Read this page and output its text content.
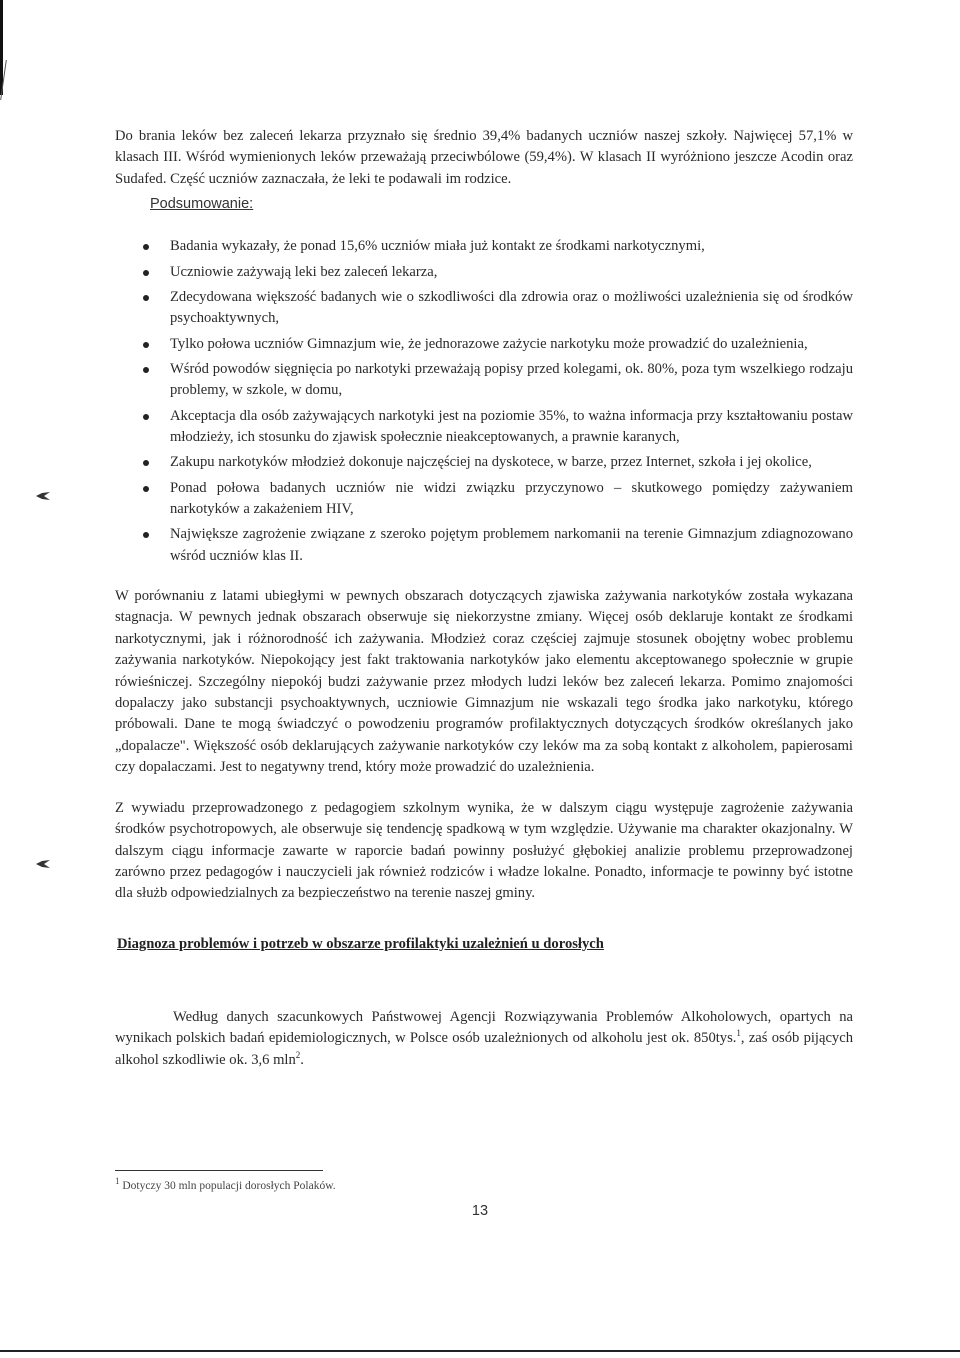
Do brania leków bez zaleceń lekarza przyznało się średnio 39,4% badanych uczniów naszej szkoły. Najwięcej 57,1% w klasach III. Wśród wymienionych leków przeważają przeciwbólowe (59,4%). W klasach II wyróżniono jeszcze Acodin oraz Sudafed. Część uczniów zaznaczała, że leki te podawali im rodzice.

Podsumowanie:
Badania wykazały, że ponad 15,6% uczniów miała już kontakt ze środkami narkotycznymi,
Uczniowie zażywają leki bez zaleceń lekarza,
Zdecydowana większość badanych wie o szkodliwości dla zdrowia oraz o możliwości uzależnienia się od środków psychoaktywnych,
Tylko połowa uczniów Gimnazjum wie, że jednorazowe zażycie narkotyku może prowadzić do uzależnienia,
Wśród powodów sięgnięcia po narkotyki przeważają popisy przed kolegami, ok. 80%, poza tym wszelkiego rodzaju problemy, w szkole, w domu,
Akceptacja dla osób zażywających narkotyki jest na poziomie 35%, to ważna informacja przy kształtowaniu postaw młodzieży, ich stosunku do zjawisk społecznie nieakceptowanych, a prawnie karanych,
Zakupu narkotyków młodzież dokonuje najczęściej na dyskotece, w barze, przez Internet, szkoła i jej okolice,
Ponad połowa badanych uczniów nie widzi związku przyczynowo – skutkowego pomiędzy zażywaniem narkotyków a zakażeniem HIV,
Największe zagrożenie związane z szeroko pojętym problemem narkomanii na terenie Gimnazjum zdiagnozowano wśród uczniów klas II.

W porównaniu z latami ubiegłymi w pewnych obszarach dotyczących zjawiska zażywania narkotyków została wykazana stagnacja. W pewnych jednak obszarach obserwuje się niekorzystne zmiany. Więcej osób deklaruje kontakt ze środkami narkotycznymi, jak i różnorodność ich zażywania. Młodzież coraz częściej zajmuje stosunek obojętny wobec problemu zażywania narkotyków. Niepokojący jest fakt traktowania narkotyków jako elementu akceptowanego społecznie w grupie rówieśniczej. Szczególny niepokój budzi zażywanie przez młodych ludzi leków bez zaleceń lekarza. Pomimo znajomości dopalaczy jako substancji psychoaktywnych, uczniowie Gimnazjum nie wskazali tego środka jako narkotyku, którego próbowali. Dane te mogą świadczyć o powodzeniu programów profilaktycznych dotyczących środków określanych jako „dopalacze". Większość osób deklarujących zażywanie narkotyków czy leków ma za sobą kontakt z alkoholem, papierosami czy dopalaczami. Jest to negatywny trend, który może prowadzić do uzależnienia.

Z wywiadu przeprowadzonego z pedagogiem szkolnym wynika, że w dalszym ciągu występuje zagrożenie zażywania środków psychotropowych, ale obserwuje się tendencję spadkową w tym względzie. Używanie ma charakter okazjonalny. W dalszym ciągu informacje zawarte w raporcie badań powinny posłużyć głębokiej analizie problemu przeprowadzonej zarówno przez pedagogów i nauczycieli jak również rodziców i władze lokalne. Ponadto, informacje te powinny być istotne dla służb odpowiedzialnych za bezpieczeństwo na terenie naszej gminy.

Diagnoza problemów i potrzeb w obszarze profilaktyki uzależnień u dorosłych

Według danych szacunkowych Państwowej Agencji Rozwiązywania Problemów Alkoholowych, opartych na wynikach polskich badań epidemiologicznych, w Polsce osób uzależnionych od alkoholu jest ok. 850tys.$^1$, zaś osób pijących alkohol szkodliwie ok. 3,6 mln$^2$.

$^1$ Dotyczy 30 mln populacji dorosłych Polaków.
13
